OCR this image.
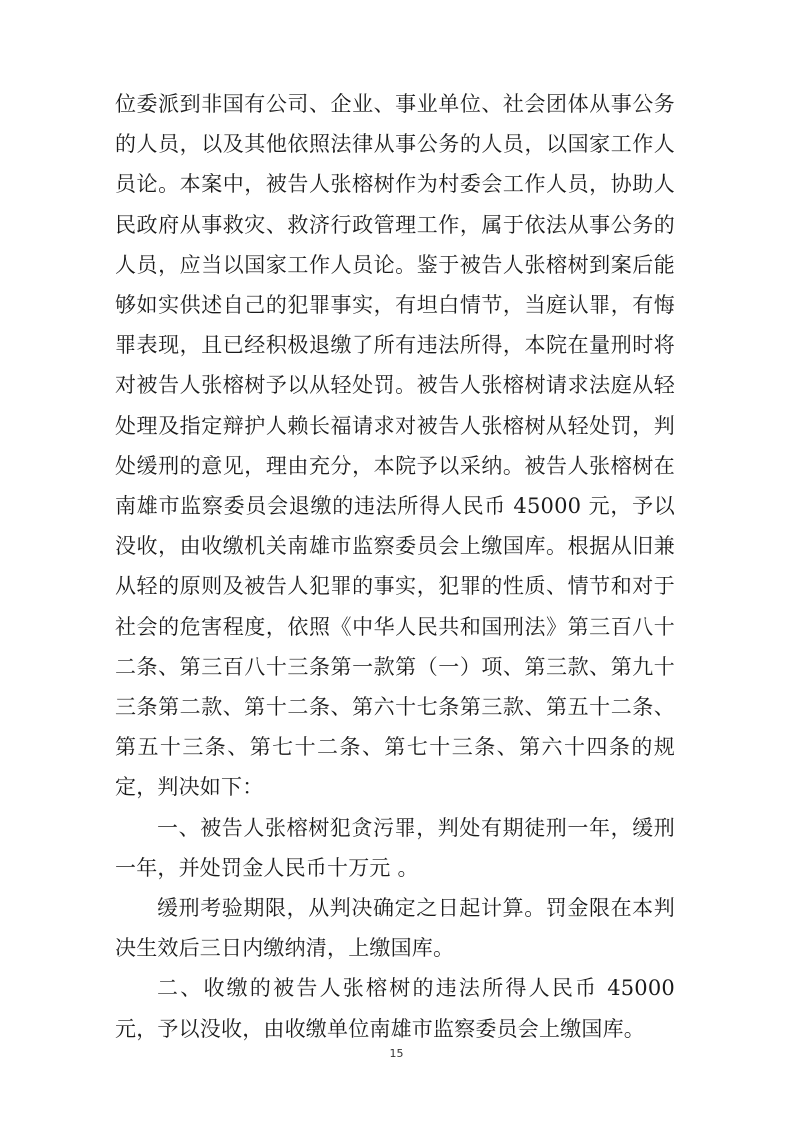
位委派到非国有公司、企业、事业单位、社会团体从事公务的人员，以及其他依照法律从事公务的人员，以国家工作人员论。本案中，被告人张榕树作为村委会工作人员，协助人民政府从事救灾、救济行政管理工作，属于依法从事公务的人员，应当以国家工作人员论。鉴于被告人张榕树到案后能够如实供述自己的犯罪事实，有坦白情节，当庭认罪，有悔罪表现，且已经积极退缴了所有违法所得，本院在量刑时将对被告人张榕树予以从轻处罚。被告人张榕树请求法庭从轻处理及指定辩护人赖长福请求对被告人张榕树从轻处罚，判处缓刑的意见，理由充分，本院予以采纳。被告人张榕树在南雄市监察委员会退缴的违法所得人民币 45000 元，予以没收，由收缴机关南雄市监察委员会上缴国库。根据从旧兼从轻的原则及被告人犯罪的事实，犯罪的性质、情节和对于社会的危害程度，依照《中华人民共和国刑法》第三百八十二条、第三百八十三条第一款第（一）项、第三款、第九十三条第二款、第十二条、第六十七条第三款、第五十二条、第五十三条、第七十二条、第七十三条、第六十四条的规定，判决如下：

一、被告人张榕树犯贪污罪，判处有期徒刑一年，缓刑一年，并处罚金人民币十万元 。

缓刑考验期限，从判决确定之日起计算。罚金限在本判决生效后三日内缴纳清，上缴国库。

二、收缴的被告人张榕树的违法所得人民币 45000 元，予以没收，由收缴单位南雄市监察委员会上缴国库。

15
